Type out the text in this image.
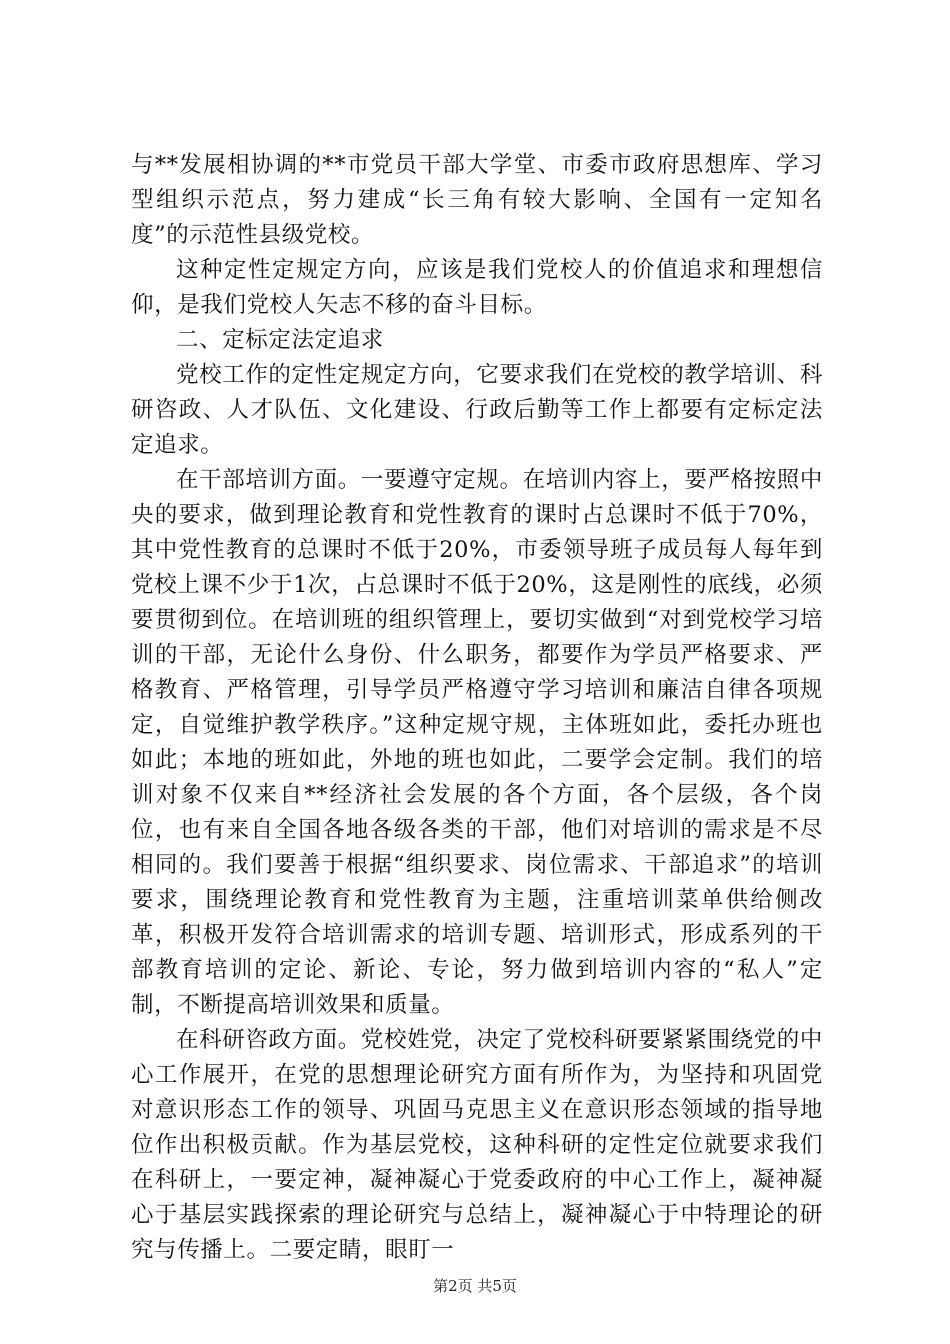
与**发展相协调的**市党员干部大学堂、市委市政府思想库、学习型组织示范点，努力建成“长三角有较大影响、全国有一定知名度”的示范性县级党校。

这种定性定规定方向，应该是我们党校人的价值追求和理想信仰，是我们党校人矢志不移的奋斗目标。

二、定标定法定追求

党校工作的定性定规定方向，它要求我们在党校的教学培训、科研咨政、人才队伍、文化建设、行政后勤等工作上都要有定标定法定追求。

在干部培训方面。一要遵守定规。在培训内容上，要严格按照中央的要求，做到理论教育和党性教育的课时占总课时不低于70%，其中党性教育的总课时不低于20%，市委领导班子成员每人每年到党校上课不少于1次，占总课时不低于20%，这是刚性的底线，必须要贯彻到位。在培训班的组织管理上，要切实做到“对到党校学习培训的干部，无论什么身份、什么职务，都要作为学员严格要求、严格教育、严格管理，引导学员严格遵守学习培训和廉洁自律各项规定，自觉维护教学秩序。”这种定规守规，主体班如此，委托办班也如此；本地的班如此，外地的班也如此，二要学会定制。我们的培训对象不仅来自**经济社会发展的各个方面，各个层级，各个岗位，也有来自全国各地各级各类的干部，他们对培训的需求是不尽相同的。我们要善于根据“组织要求、岗位需求、干部追求”的培训要求，围绕理论教育和党性教育为主题，注重培训菜单供给侧改革，积极开发符合培训需求的培训专题、培训形式，形成系列的干部教育培训的定论、新论、专论，努力做到培训内容的“私人”定制，不断提高培训效果和质量。

在科研咨政方面。党校姓党，决定了党校科研要紧紧围绕党的中心工作展开，在党的思想理论研究方面有所作为，为坚持和巩固党对意识形态工作的领导、巩固马克思主义在意识形态领域的指导地位作出积极贡献。作为基层党校，这种科研的定性定位就要求我们在科研上，一要定神，凝神凝心于党委政府的中心工作上，凝神凝心于基层实践探索的理论研究与总结上，凝神凝心于中特理论的研究与传播上。二要定睛，眼盯一

第2页 共5页
